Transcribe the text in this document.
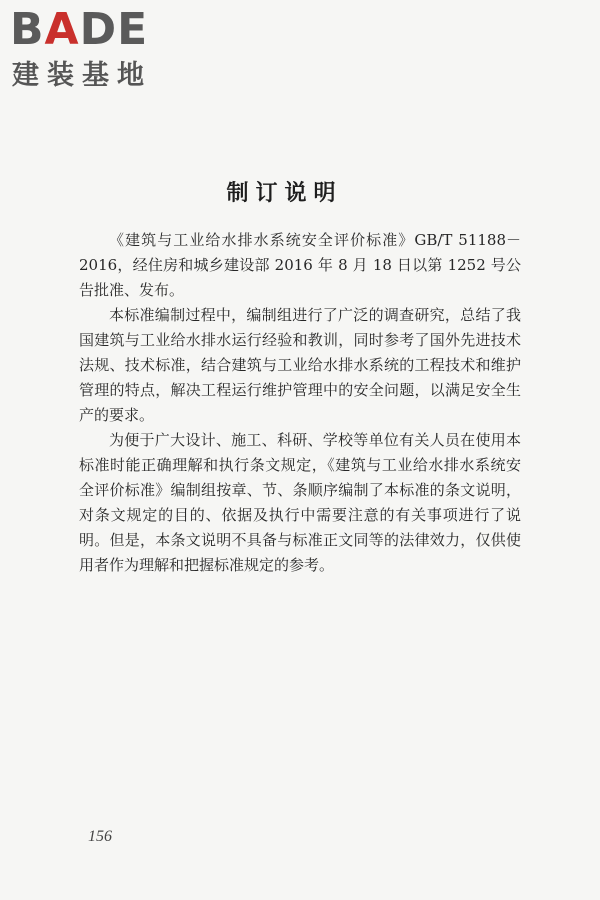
BADE
建装基地
制订说明

《建筑与工业给水排水系统安全评价标准》GB/T 51188－2016，经住房和城乡建设部 2016 年 8 月 18 日以第 1252 号公告批准、发布。

本标准编制过程中，编制组进行了广泛的调查研究，总结了我国建筑与工业给水排水运行经验和教训，同时参考了国外先进技术法规、技术标准，结合建筑与工业给水排水系统的工程技术和维护管理的特点，解决工程运行维护管理中的安全问题，以满足安全生产的要求。

为便于广大设计、施工、科研、学校等单位有关人员在使用本标准时能正确理解和执行条文规定，《建筑与工业给水排水系统安全评价标准》编制组按章、节、条顺序编制了本标准的条文说明，对条文规定的目的、依据及执行中需要注意的有关事项进行了说明。但是，本条文说明不具备与标准正文同等的法律效力，仅供使用者作为理解和把握标准规定的参考。

156
